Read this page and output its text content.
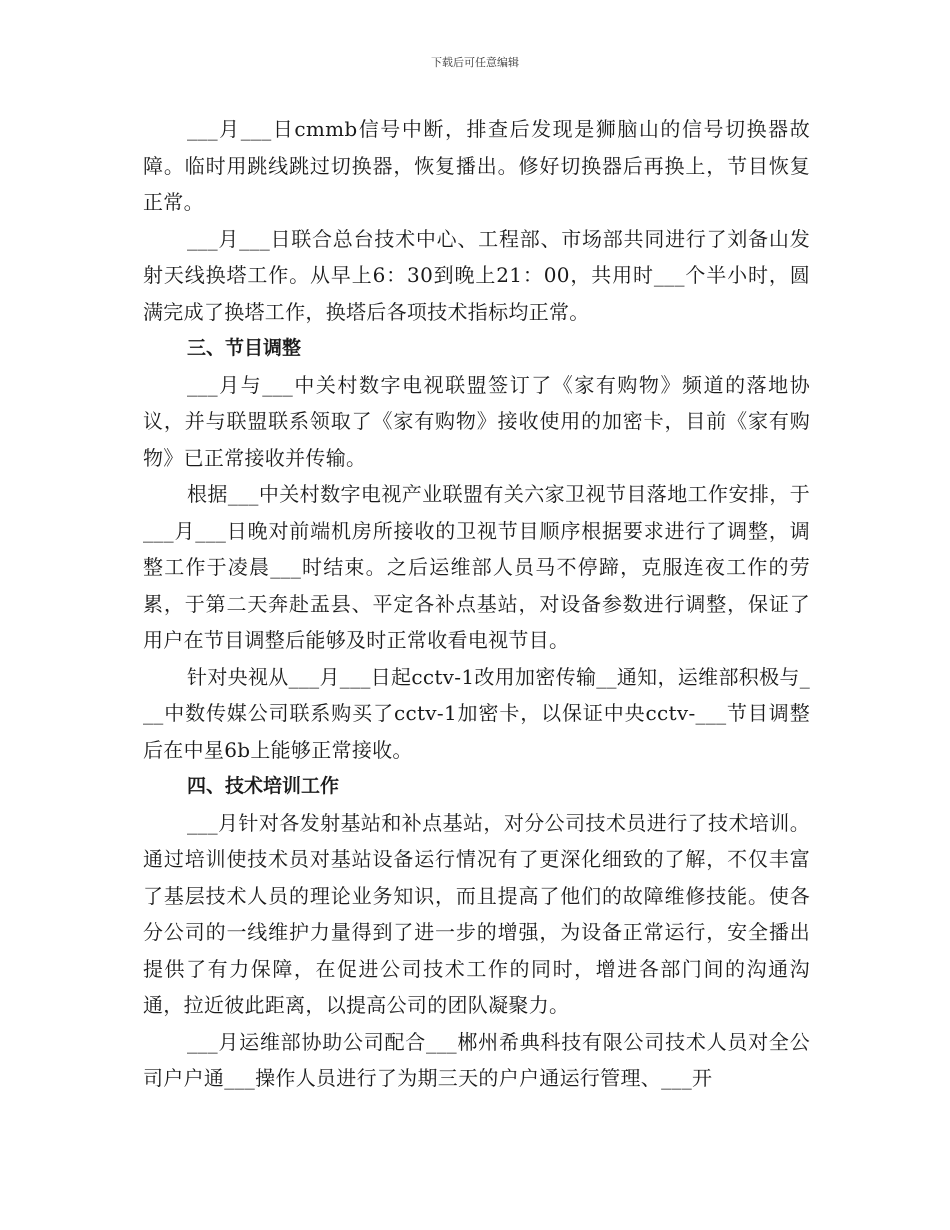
下载后可任意编辑

___月___日cmmb信号中断，排查后发现是狮脑山的信号切换器故障。临时用跳线跳过切换器，恢复播出。修好切换器后再换上，节目恢复正常。

___月___日联合总台技术中心、工程部、市场部共同进行了刘备山发射天线换塔工作。从早上6：30到晚上21：00，共用时___个半小时，圆满完成了换塔工作，换塔后各项技术指标均正常。

三、节目调整

___月与___中关村数字电视联盟签订了《家有购物》频道的落地协议，并与联盟联系领取了《家有购物》接收使用的加密卡，目前《家有购物》已正常接收并传输。

根据___中关村数字电视产业联盟有关六家卫视节目落地工作安排，于___月___日晚对前端机房所接收的卫视节目顺序根据要求进行了调整，调整工作于凌晨___时结束。之后运维部人员马不停蹄，克服连夜工作的劳累，于第二天奔赴盂县、平定各补点基站，对设备参数进行调整，保证了用户在节目调整后能够及时正常收看电视节目。

针对央视从___月___日起cctv-1改用加密传输__通知，运维部积极与___中数传媒公司联系购买了cctv-1加密卡，以保证中央cctv-___节目调整后在中星6b上能够正常接收。

四、技术培训工作

___月针对各发射基站和补点基站，对分公司技术员进行了技术培训。通过培训使技术员对基站设备运行情况有了更深化细致的了解，不仅丰富了基层技术人员的理论业务知识，而且提高了他们的故障维修技能。使各分公司的一线维护力量得到了进一步的增强，为设备正常运行，安全播出提供了有力保障，在促进公司技术工作的同时，增进各部门间的沟通沟通，拉近彼此距离，以提高公司的团队凝聚力。

___月运维部协助公司配合___郴州希典科技有限公司技术人员对全公司户户通___操作人员进行了为期三天的户户通运行管理、___开
